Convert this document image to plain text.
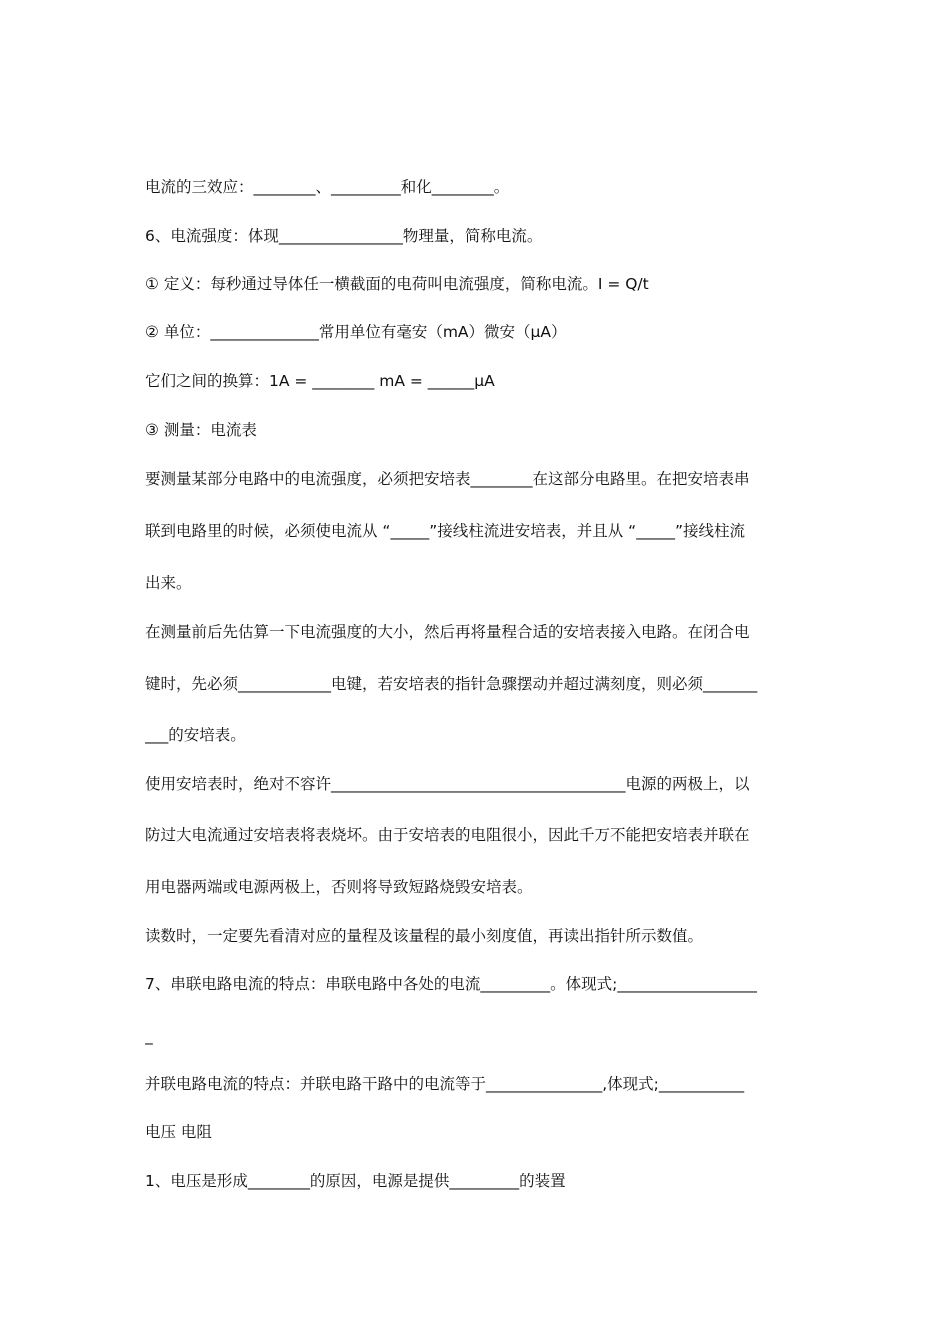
电流的三效应：________、_________和化________。
6、电流强度：体现________________物理量，简称电流。
① 定义：每秒通过导体任一横截面的电荷叫电流强度，简称电流。I = Q/t
② 单位：______________常用单位有毫安（mA）微安（μA）
它们之间的换算：1A = ________ mA = ______μA
③ 测量：电流表
要测量某部分电路中的电流强度，必须把安培表________在这部分电路里。在把安培表串
联到电路里的时候，必须使电流从 “_____”接线柱流进安培表，并且从 “_____”接线柱流
出来。
在测量前后先估算一下电流强度的大小，然后再将量程合适的安培表接入电路。在闭合电
键时，先必须____________电键，若安培表的指针急骤摆动并超过满刻度，则必须_______
___的安培表。
使用安培表时，绝对不容许______________________________________电源的两极上，以
防过大电流通过安培表将表烧坏。由于安培表的电阻很小，因此千万不能把安培表并联在
用电器两端或电源两极上，否则将导致短路烧毁安培表。
读数时，一定要先看清对应的量程及该量程的最小刻度值，再读出指针所示数值。
7、串联电路电流的特点：串联电路中各处的电流_________。体现式;__________________
_
并联电路电流的特点：并联电路干路中的电流等于_______________,体现式;___________
电压 电阻
1、电压是形成________的原因，电源是提供_________的装置
